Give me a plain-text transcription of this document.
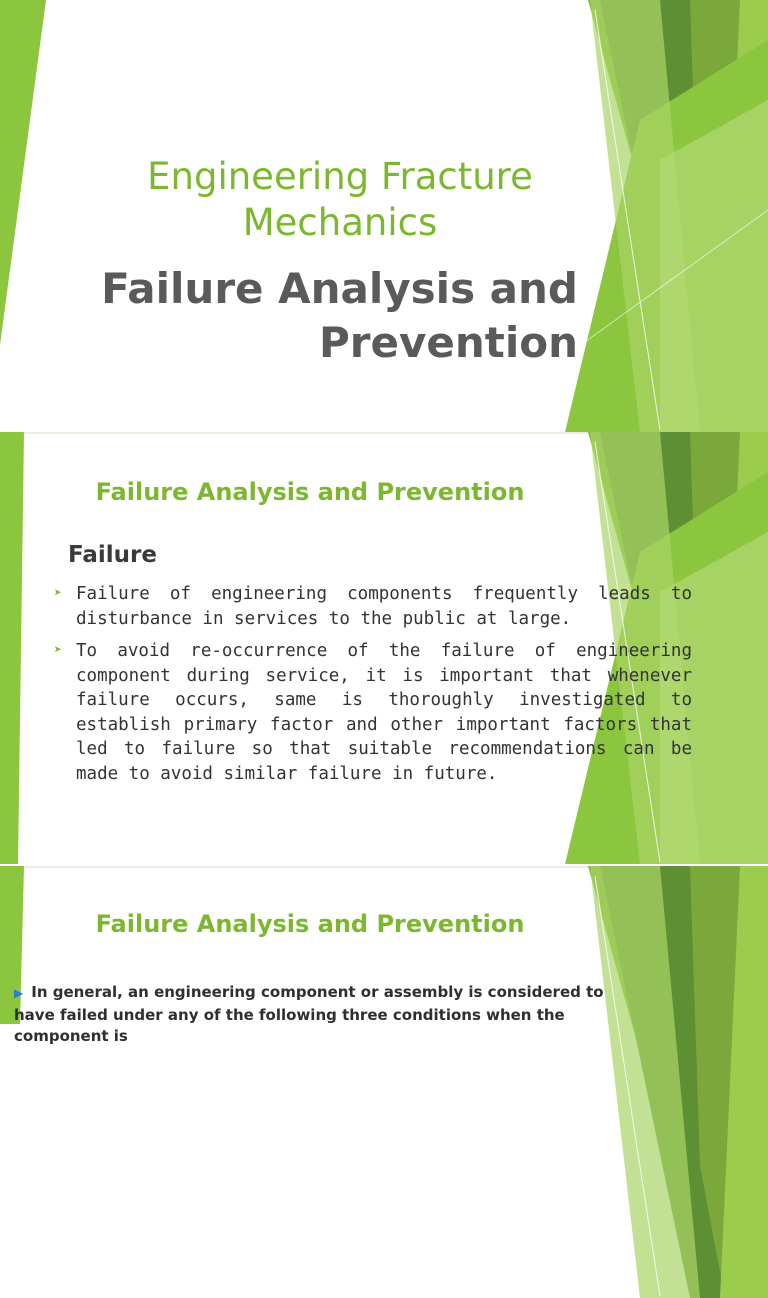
Engineering Fracture
Mechanics
Failure Analysis and
Prevention
Failure Analysis and Prevention
Failure
➤ Failure of engineering components frequently leads to disturbance in services to the public at large.
➤ To avoid re-occurrence of the failure of engineering component during service, it is important that whenever failure occurs, same is thoroughly investigated to establish primary factor and other important factors that led to failure so that suitable recommendations can be made to avoid similar failure in future.
Failure Analysis and Prevention
▶ In general, an engineering component or assembly is considered to have failed under any of the following three conditions when the component is
